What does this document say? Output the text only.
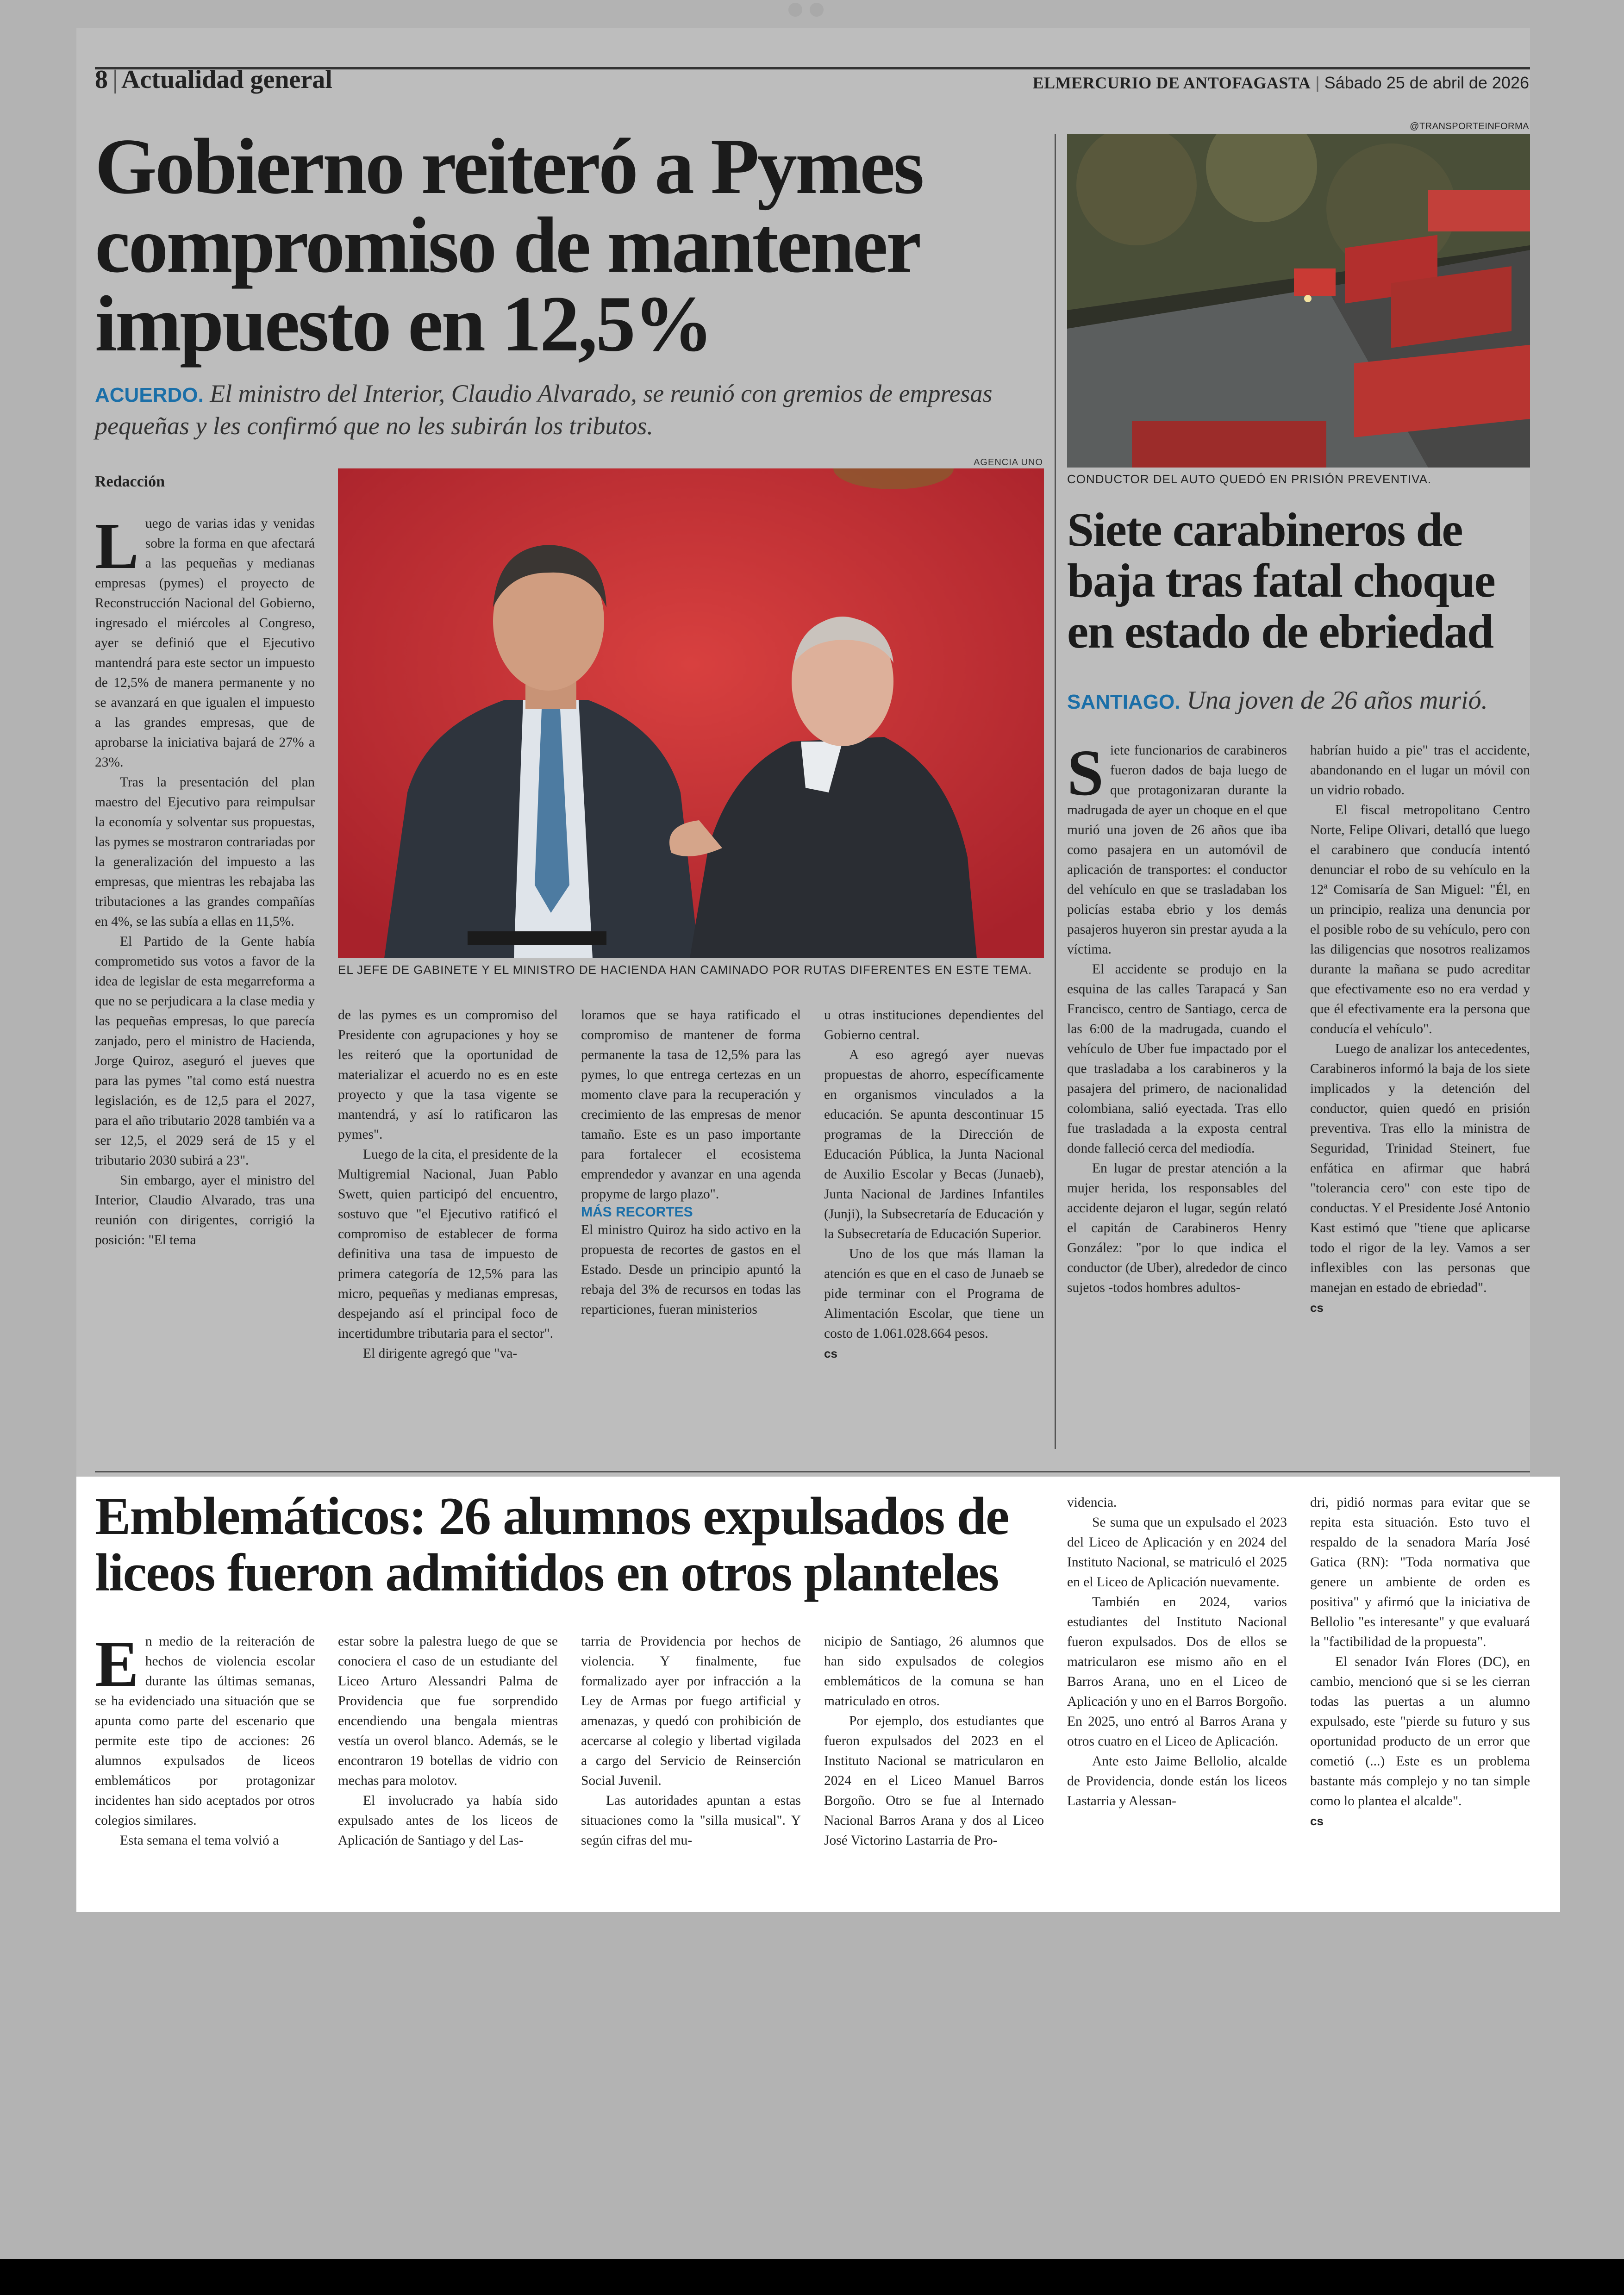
8 | Actualidad general	ELMERCURIO DE ANTOFAGASTA | Sábado 25 de abril de 2026
Gobierno reiteró a Pymes compromiso de mantener impuesto en 12,5%
ACUERDO. El ministro del Interior, Claudio Alvarado, se reunió con gremios de empresas pequeñas y les confirmó que no les subirán los tributos.
Redacción
AGENCIA UNO
EL JEFE DE GABINETE Y EL MINISTRO DE HACIENDA HAN CAMINADO POR RUTAS DIFERENTES EN ESTE TEMA.
L uego de varias idas y venidas sobre la forma en que afectará a las pequeñas y medianas empresas (pymes) el proyecto de Reconstrucción Nacional del Gobierno, ingresado el miércoles al Congreso, ayer se definió que el Ejecutivo mantendrá para este sector un impuesto de 12,5% de manera permanente y no se avanzará en que igualen el impuesto a las grandes empresas, que de aprobarse la iniciativa bajará de 27% a 23%.

Tras la presentación del plan maestro del Ejecutivo para reimpulsar la economía y solventar sus propuestas, las pymes se mostraron contrariadas por la generalización del impuesto a las empresas, que mientras les rebajaba las tributaciones a las grandes compañías en 4%, se las subía a ellas en 11,5%.

El Partido de la Gente había comprometido sus votos a favor de la idea de legislar de esta megarreforma a que no se perjudicara a la clase media y las pequeñas empresas, lo que parecía zanjado, pero el ministro de Hacienda, Jorge Quiroz, aseguró el jueves que para las pymes "tal como está nuestra legislación, es de 12,5 para el 2027, para el año tributario 2028 también va a ser 12,5, el 2029 será de 15 y el tributario 2030 subirá a 23".

Sin embargo, ayer el ministro del Interior, Claudio Alvarado, tras una reunión con dirigentes, corrigió la posición: "El tema

de las pymes es un compromiso del Presidente con agrupaciones y hoy se les reiteró que la oportunidad de materializar el acuerdo no es en este proyecto y que la tasa vigente se mantendrá, y así lo ratificaron las pymes".

Luego de la cita, el presidente de la Multigremial Nacional, Juan Pablo Swett, quien participó del encuentro, sostuvo que "el Ejecutivo ratificó el compromiso de establecer de forma definitiva una tasa de impuesto de primera categoría de 12,5% para las micro, pequeñas y medianas empresas, despejando así el principal foco de incertidumbre tributaria para el sector".

El dirigente agregó que "va-

loramos que se haya ratificado el compromiso de mantener de forma permanente la tasa de 12,5% para las pymes, lo que entrega certezas en un momento clave para la recuperación y crecimiento de las empresas de menor tamaño. Este es un paso importante para fortalecer el ecosistema emprendedor y avanzar en una agenda propyme de largo plazo".

MÁS RECORTES

El ministro Quiroz ha sido activo en la propuesta de recortes de gastos en el Estado. Desde un principio apuntó la rebaja del 3% de recursos en todas las reparticiones, fueran ministerios

u otras instituciones dependientes del Gobierno central.

A eso agregó ayer nuevas propuestas de ahorro, específicamente en organismos vinculados a la educación. Se apunta descontinuar 15 programas de la Dirección de Educación Pública, la Junta Nacional de Auxilio Escolar y Becas (Junaeb), Junta Nacional de Jardines Infantiles (Junji), la Subsecretaría de Educación y la Subsecretaría de Educación Superior.

Uno de los que más llaman la atención es que en el caso de Junaeb se pide terminar con el Programa de Alimentación Escolar, que tiene un costo de 1.061.028.664 pesos.

cs
@TRANSPORTEINFORMA
CONDUCTOR DEL AUTO QUEDÓ EN PRISIÓN PREVENTIVA.
Siete carabineros de baja tras fatal choque en estado de ebriedad
SANTIAGO. Una joven de 26 años murió.
S iete funcionarios de carabineros fueron dados de baja luego de que protagonizaran durante la madrugada de ayer un choque en el que murió una joven de 26 años que iba como pasajera en un automóvil de aplicación de transportes: el conductor del vehículo en que se trasladaban los policías estaba ebrio y los demás pasajeros huyeron sin prestar ayuda a la víctima.

El accidente se produjo en la esquina de las calles Tarapacá y San Francisco, centro de Santiago, cerca de las 6:00 de la madrugada, cuando el vehículo de Uber fue impactado por el que trasladaba a los carabineros y la pasajera del primero, de nacionalidad colombiana, salió eyectada. Tras ello fue trasladada a la exposta central donde falleció cerca del mediodía.

En lugar de prestar atención a la mujer herida, los responsables del accidente dejaron el lugar, según relató el capitán de Carabineros Henry González: "por lo que indica el conductor (de Uber), alrededor de cinco sujetos -todos hombres adultos-

habrían huido a pie" tras el accidente, abandonando en el lugar un móvil con un vidrio robado.

El fiscal metropolitano Centro Norte, Felipe Olivari, detalló que luego el carabinero que conducía intentó denunciar el robo de su vehículo en la 12ª Comisaría de San Miguel: "Él, en un principio, realiza una denuncia por el posible robo de su vehículo, pero con las diligencias que nosotros realizamos durante la mañana se pudo acreditar que efectivamente eso no era verdad y que él efectivamente era la persona que conducía el vehículo".

Luego de analizar los antecedentes, Carabineros informó la baja de los siete implicados y la detención del conductor, quien quedó en prisión preventiva. Tras ello la ministra de Seguridad, Trinidad Steinert, fue enfática en afirmar que habrá "tolerancia cero" con este tipo de conductas. Y el Presidente José Antonio Kast estimó que "tiene que aplicarse todo el rigor de la ley. Vamos a ser inflexibles con las personas que manejan en estado de ebriedad".

cs
Emblemáticos: 26 alumnos expulsados de liceos fueron admitidos en otros planteles
E n medio de la reiteración de hechos de violencia escolar durante las últimas semanas, se ha evidenciado una situación que se apunta como parte del escenario que permite este tipo de acciones: 26 alumnos expulsados de liceos emblemáticos por protagonizar incidentes han sido aceptados por otros colegios similares.

Esta semana el tema volvió a

estar sobre la palestra luego de que se conociera el caso de un estudiante del Liceo Arturo Alessandri Palma de Providencia que fue sorprendido encendiendo una bengala mientras vestía un overol blanco. Además, se le encontraron 19 botellas de vidrio con mechas para molotov.

El involucrado ya había sido expulsado antes de los liceos de Aplicación de Santiago y del Las-

tarria de Providencia por hechos de violencia. Y finalmente, fue formalizado ayer por infracción a la Ley de Armas por fuego artificial y amenazas, y quedó con prohibición de acercarse al colegio y libertad vigilada a cargo del Servicio de Reinserción Social Juvenil.

Las autoridades apuntan a estas situaciones como la "silla musical". Y según cifras del mu-

nicipio de Santiago, 26 alumnos que han sido expulsados de colegios emblemáticos de la comuna se han matriculado en otros.

Por ejemplo, dos estudiantes que fueron expulsados del 2023 en el Instituto Nacional se matricularon en 2024 en el Liceo Manuel Barros Borgoño. Otro se fue al Internado Nacional Barros Arana y dos al Liceo José Victorino Lastarria de Pro-

videncia.

Se suma que un expulsado el 2023 del Liceo de Aplicación y en 2024 del Instituto Nacional, se matriculó el 2025 en el Liceo de Aplicación nuevamente.

También en 2024, varios estudiantes del Instituto Nacional fueron expulsados. Dos de ellos se matricularon ese mismo año en el Barros Arana, uno en el Liceo de Aplicación y uno en el Barros Borgoño. En 2025, uno entró al Barros Arana y otros cuatro en el Liceo de Aplicación.

Ante esto Jaime Bellolio, alcalde de Providencia, donde están los liceos Lastarria y Alessan-

dri, pidió normas para evitar que se repita esta situación. Esto tuvo el respaldo de la senadora María José Gatica (RN): "Toda normativa que genere un ambiente de orden es positiva" y afirmó que la iniciativa de Bellolio "es interesante" y que evaluará la "factibilidad de la propuesta".

El senador Iván Flores (DC), en cambio, mencionó que si se les cierran todas las puertas a un alumno expulsado, este "pierde su futuro y sus oportunidad producto de un error que cometió (...) Este es un problema bastante más complejo y no tan simple como lo plantea el alcalde".

cs
